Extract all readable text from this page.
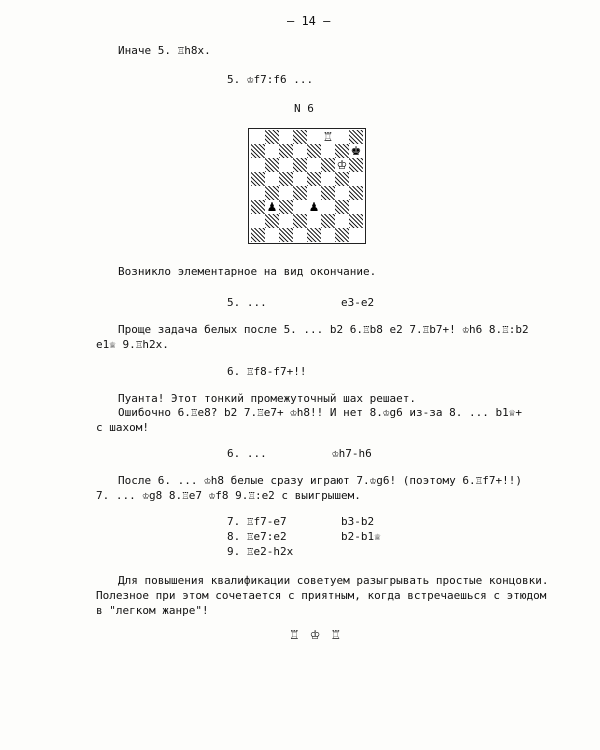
– 14 –
Иначе 5. ♖h8x.
5. ♔f7:f6 ...
N 6
♖
♚
♔
♟	♟
Возникло элементарное на вид окончание.
5. ...	e3-e2
Проще задача белых после 5. ... b2 6.♖b8 e2 7.♖b7+! ♔h6 8.♖:b2
e1♕ 9.♖h2x.
6. ♖f8-f7+!!
Пуанта! Этот тонкий промежуточный шах решает.
Ошибочно 6.♖e8? b2 7.♖e7+ ♔h8!! И нет 8.♔g6 из-за 8. ... b1♕+
с шахом!
6. ...	♔h7-h6
После 6. ... ♔h8 белые сразу играют 7.♔g6! (поэтому 6.♖f7+!!)
7. ... ♔g8 8.♖e7 ♔f8 9.♖:e2 с выигрышем.
7. ♖f7-e7	b3-b2
8. ♖e7:e2	b2-b1♕
9. ♖e2-h2x
Для повышения квалификации советуем разыгрывать простые концовки.
Полезное при этом сочетается с приятным, когда встречаешься с этюдом
в "легком жанре"!
♖♔♖
